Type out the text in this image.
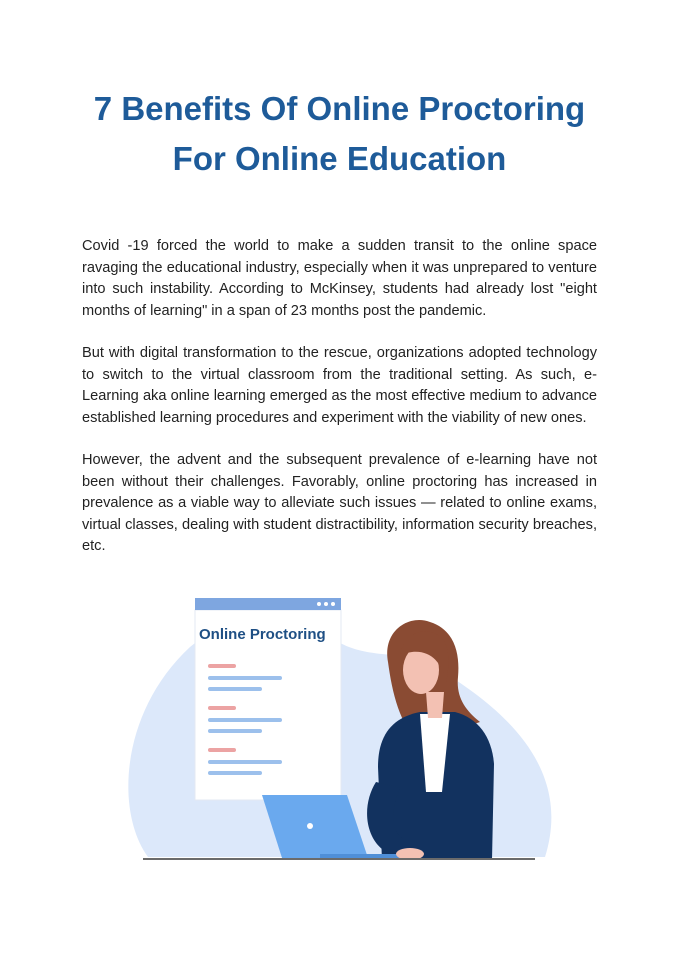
7 Benefits Of Online Proctoring
For Online Education

Covid -19 forced the world to make a sudden transit to the online space ravaging the educational industry, especially when it was unprepared to venture into such instability. According to McKinsey, students had already lost "eight months of learning" in a span of 23 months post the pandemic.

But with digital transformation to the rescue, organizations adopted technology to switch to the virtual classroom from the traditional setting. As such, e-Learning aka online learning emerged as the most effective medium to advance established learning procedures and experiment with the viability of new ones.

However, the advent and the subsequent prevalence of e-learning have not been without their challenges. Favorably, online proctoring has increased in prevalence as a viable way to alleviate such issues — related to online exams, virtual classes, dealing with student distractibility, information security breaches, etc.

Online Proctoring
